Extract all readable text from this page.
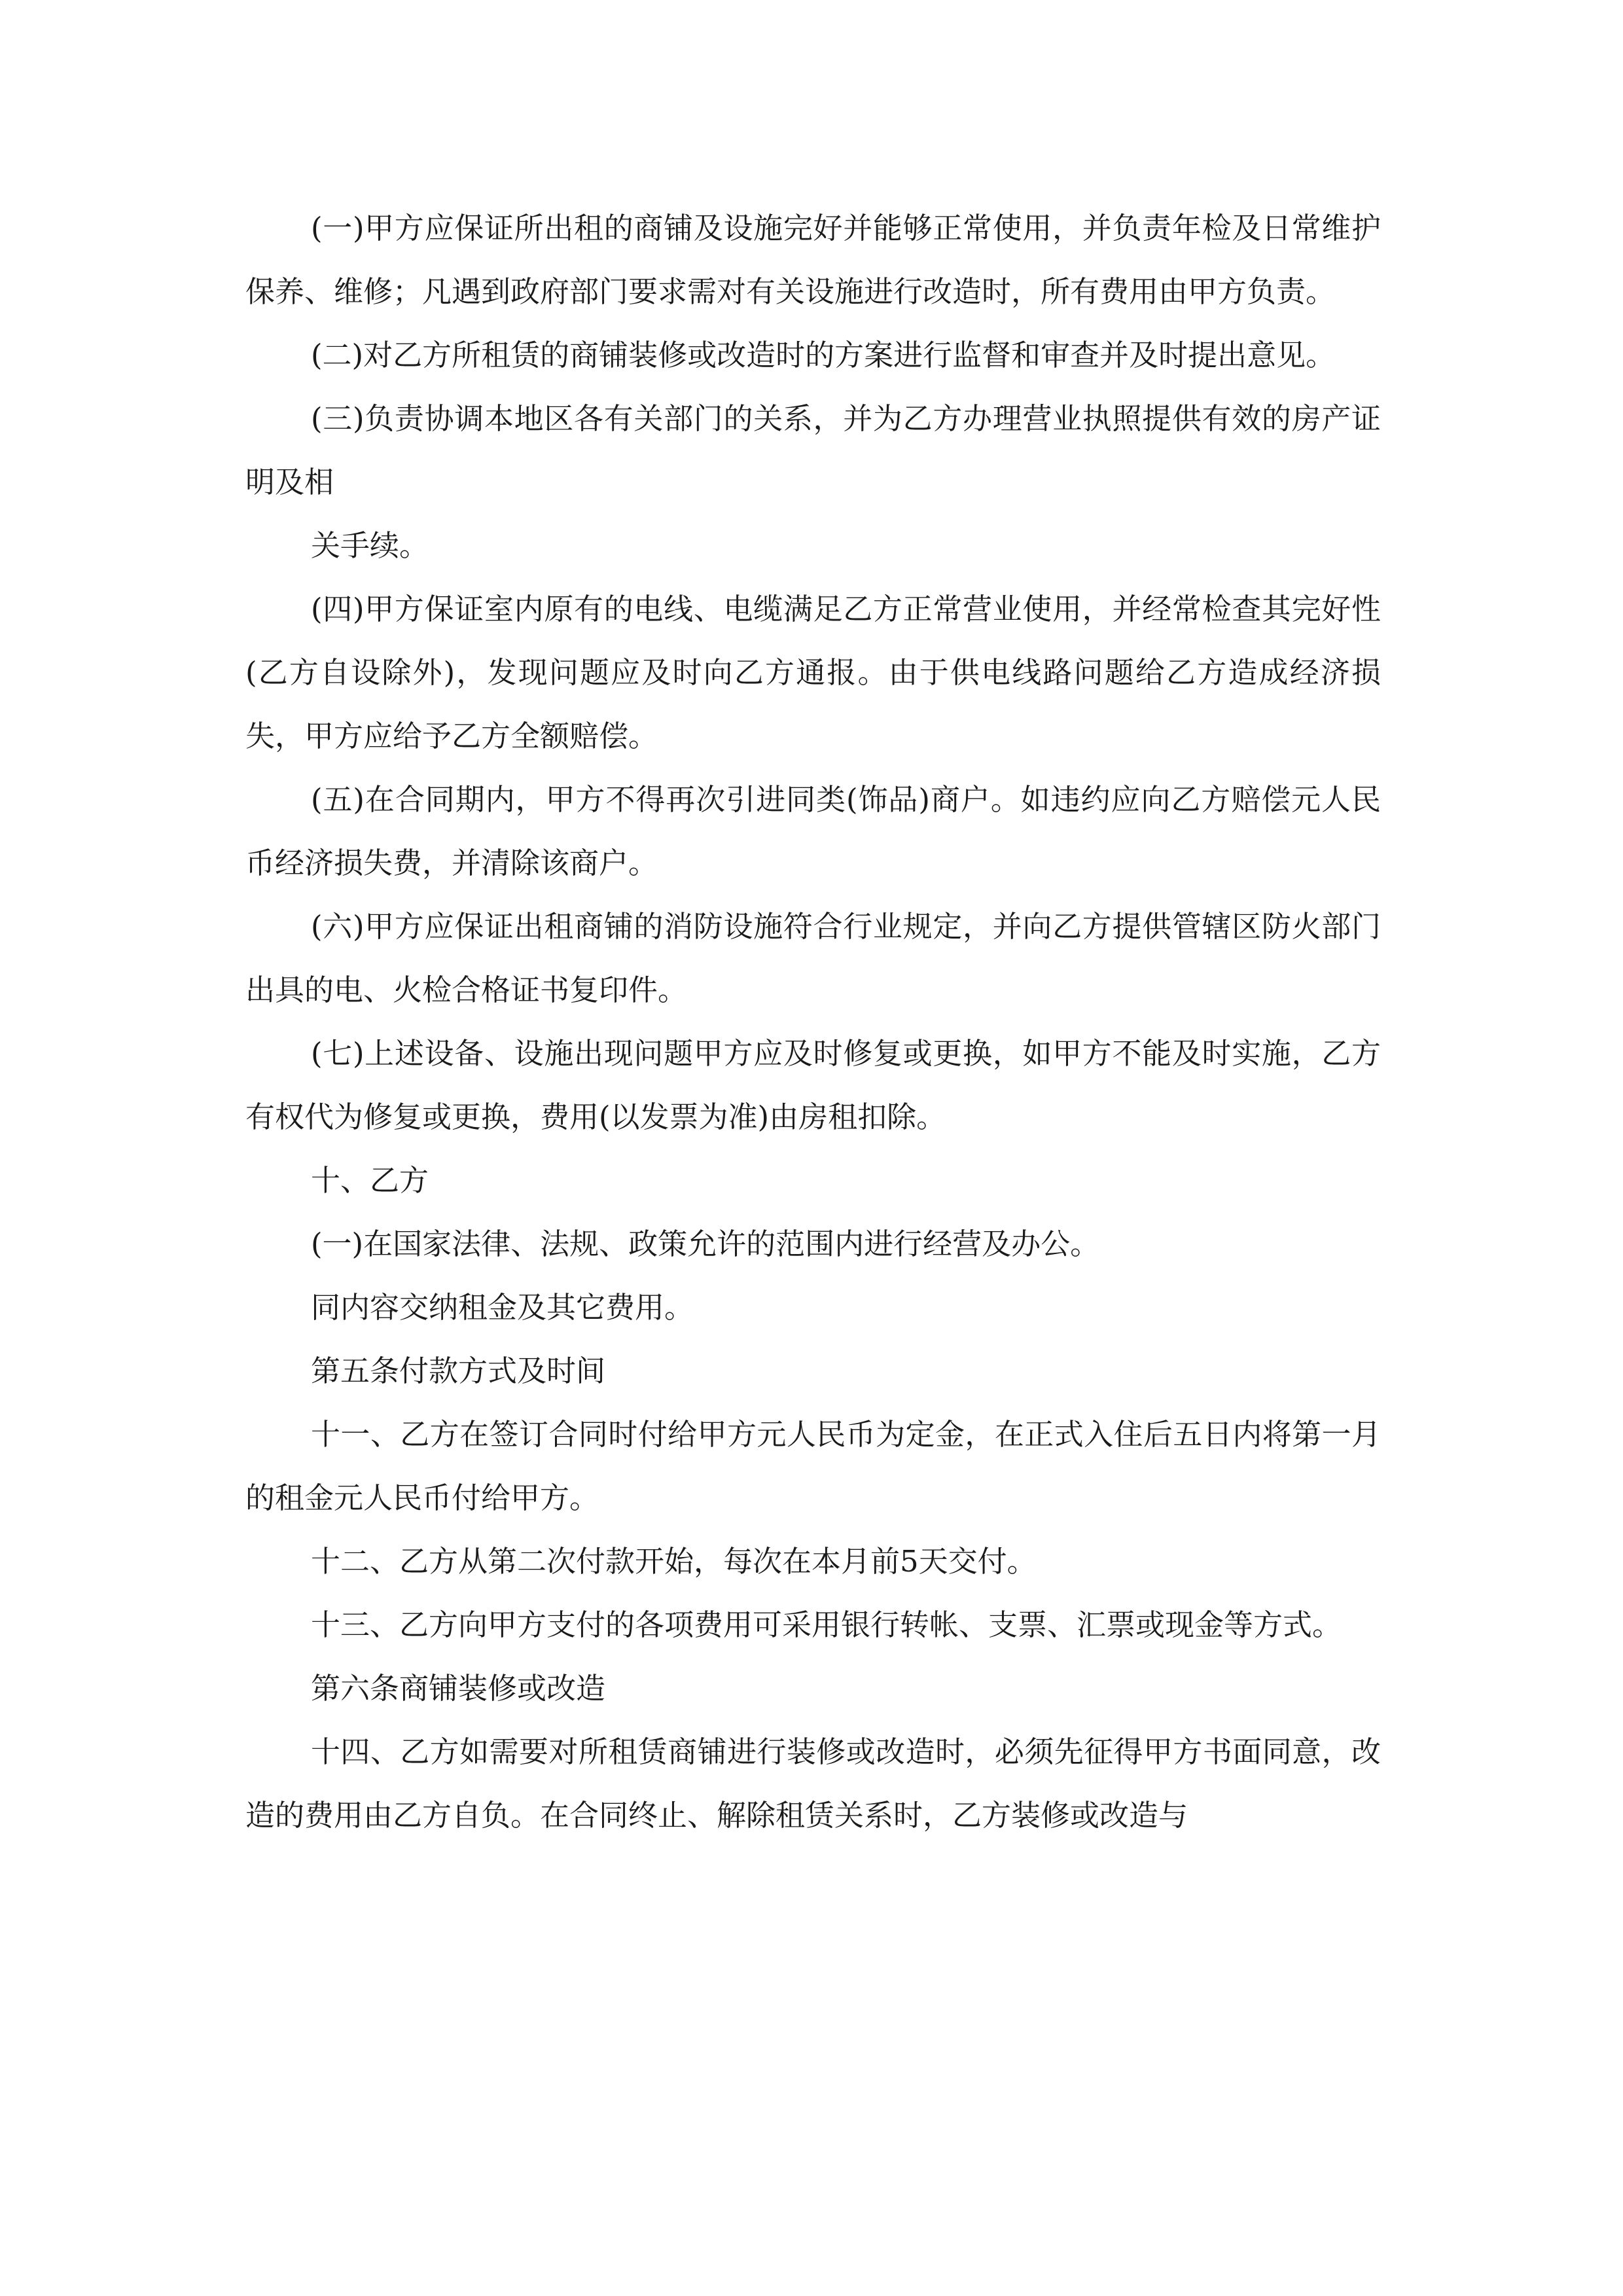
(一)甲方应保证所出租的商铺及设施完好并能够正常使用，并负责年检及日常维护保养、维修；凡遇到政府部门要求需对有关设施进行改造时，所有费用由甲方负责。

(二)对乙方所租赁的商铺装修或改造时的方案进行监督和审查并及时提出意见。

(三)负责协调本地区各有关部门的关系，并为乙方办理营业执照提供有效的房产证明及相

关手续。

(四)甲方保证室内原有的电线、电缆满足乙方正常营业使用，并经常检查其完好性(乙方自设除外)，发现问题应及时向乙方通报。由于供电线路问题给乙方造成经济损失，甲方应给予乙方全额赔偿。

(五)在合同期内，甲方不得再次引进同类(饰品)商户。如违约应向乙方赔偿元人民币经济损失费，并清除该商户。

(六)甲方应保证出租商铺的消防设施符合行业规定，并向乙方提供管辖区防火部门出具的电、火检合格证书复印件。

(七)上述设备、设施出现问题甲方应及时修复或更换，如甲方不能及时实施，乙方有权代为修复或更换，费用(以发票为准)由房租扣除。

十、乙方

(一)在国家法律、法规、政策允许的范围内进行经营及办公。

同内容交纳租金及其它费用。

第五条付款方式及时间

十一、乙方在签订合同时付给甲方元人民币为定金，在正式入住后五日内将第一月的租金元人民币付给甲方。

十二、乙方从第二次付款开始，每次在本月前5天交付。

十三、乙方向甲方支付的各项费用可采用银行转帐、支票、汇票或现金等方式。

第六条商铺装修或改造

十四、乙方如需要对所租赁商铺进行装修或改造时，必须先征得甲方书面同意，改造的费用由乙方自负。在合同终止、解除租赁关系时，乙方装修或改造与
